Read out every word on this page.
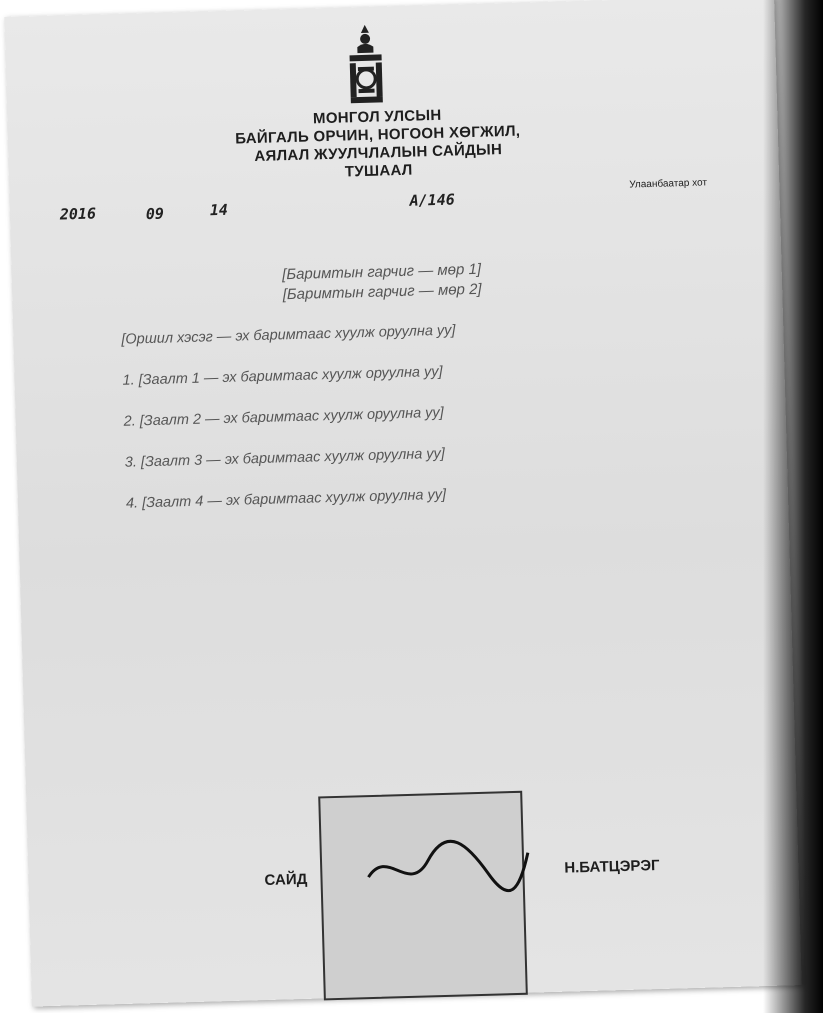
МОНГОЛ УЛСЫН
БАЙГАЛЬ ОРЧИН, НОГООН ХӨГЖИЛ,
АЯЛАЛ ЖУУЛЧЛАЛЫН САЙДЫН
ТУШААЛ
2016	09	14
А/146
Улаанбаатар хот
[Баримтын гарчиг — мөр 1]
[Баримтын гарчиг — мөр 2]

[Оршил хэсэг — эх баримтаас хуулж оруулна уу]

1. [Заалт 1 — эх баримтаас хуулж оруулна уу]

2. [Заалт 2 — эх баримтаас хуулж оруулна уу]

3. [Заалт 3 — эх баримтаас хуулж оруулна уу]

4. [Заалт 4 — эх баримтаас хуулж оруулна уу]

САЙД
Н.БАТЦЭРЭГ
